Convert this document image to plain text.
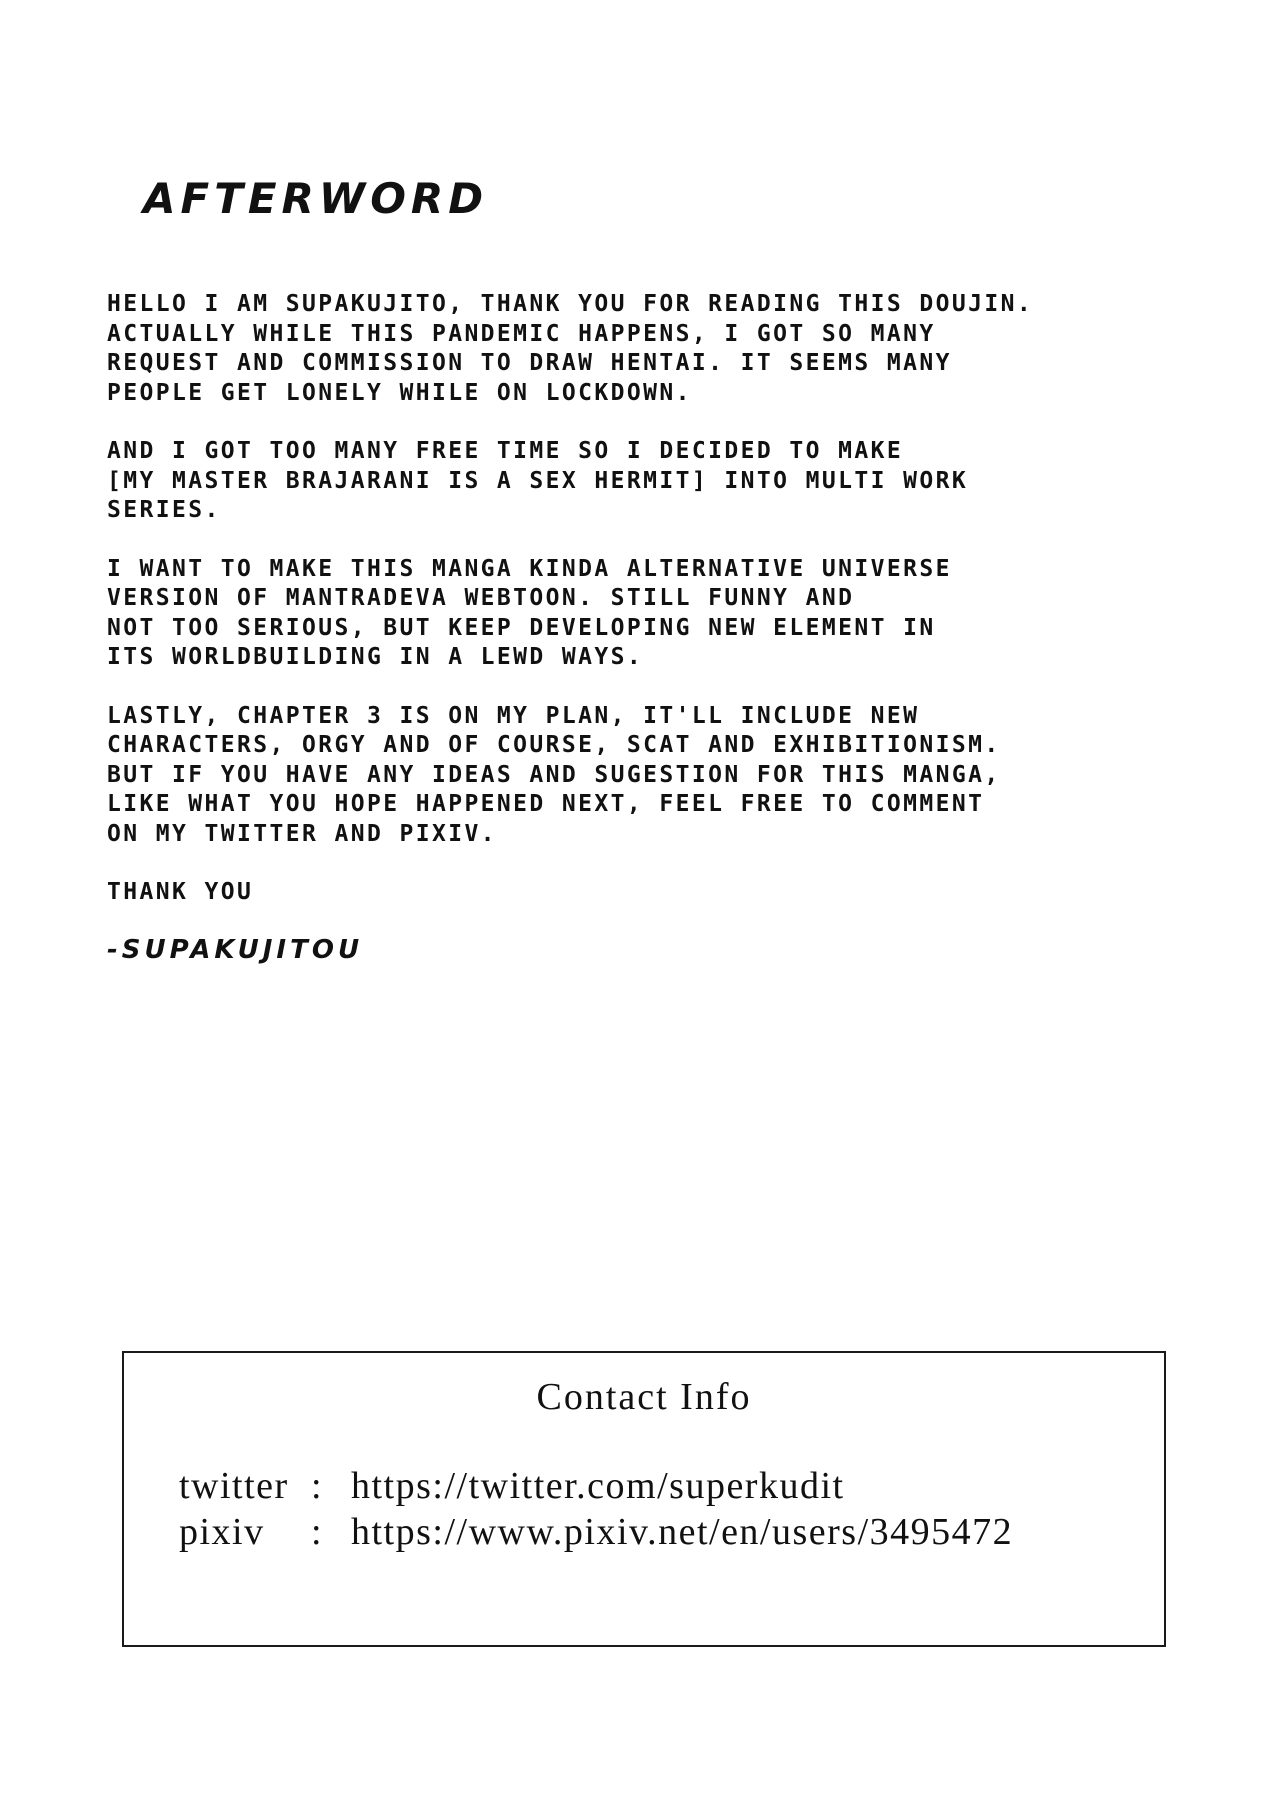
AFTERWORD

HELLO I AM SUPAKUJITO, THANK YOU FOR READING THIS DOUJIN.
ACTUALLY WHILE THIS PANDEMIC HAPPENS, I GOT SO MANY
REQUEST AND COMMISSION TO DRAW HENTAI. IT SEEMS MANY
PEOPLE GET LONELY WHILE ON LOCKDOWN.

AND I GOT TOO MANY FREE TIME SO I DECIDED TO MAKE
[MY MASTER BRAJARANI IS A SEX HERMIT] INTO MULTI WORK
SERIES.

I WANT TO MAKE THIS MANGA KINDA ALTERNATIVE UNIVERSE
VERSION OF MANTRADEVA WEBTOON. STILL FUNNY AND
NOT TOO SERIOUS, BUT KEEP DEVELOPING NEW ELEMENT IN
ITS WORLDBUILDING IN A LEWD WAYS.

LASTLY, CHAPTER 3 IS ON MY PLAN, IT'LL INCLUDE NEW
CHARACTERS, ORGY AND OF COURSE, SCAT AND EXHIBITIONISM.
BUT IF YOU HAVE ANY IDEAS AND SUGESTION FOR THIS MANGA,
LIKE WHAT YOU HOPE HAPPENED NEXT, FEEL FREE TO COMMENT
ON MY TWITTER AND PIXIV.

THANK YOU

-SUPAKUJITOU

Contact Info
twitter : https://twitter.com/superkudit
pixiv : https://www.pixiv.net/en/users/3495472
